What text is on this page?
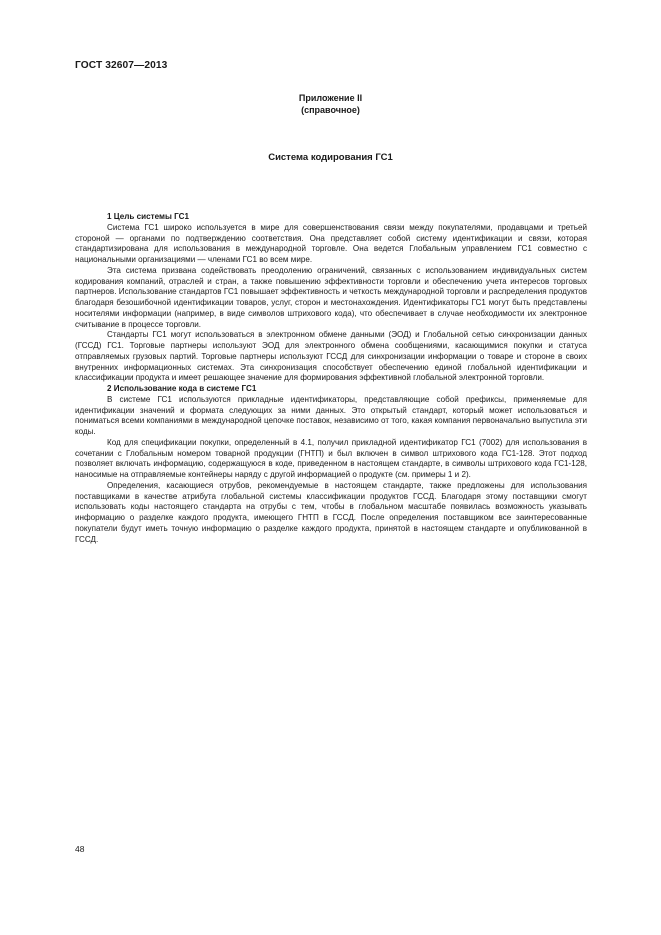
ГОСТ 32607—2013
Приложение II
(справочное)
Система кодирования ГС1
1 Цель системы ГС1

Система ГС1 широко используется в мире для совершенствования связи между покупателями, продавцами и третьей стороной — органами по подтверждению соответствия. Она представляет собой систему идентификации и связи, которая стандартизирована для использования в международной торговле. Она ведется Глобальным управлением ГС1 совместно с национальными организациями — членами ГС1 во всем мире.

Эта система призвана содействовать преодолению ограничений, связанных с использованием индивидуальных систем кодирования компаний, отраслей и стран, а также повышению эффективности торговли и обеспечению учета интересов торговых партнеров. Использование стандартов ГС1 повышает эффективность и четкость международной торговли и распределения продуктов благодаря безошибочной идентификации товаров, услуг, сторон и местонахождения. Идентификаторы ГС1 могут быть представлены носителями информации (например, в виде символов штрихового кода), что обеспечивает в случае необходимости их электронное считывание в процессе торговли.

Стандарты ГС1 могут использоваться в электронном обмене данными (ЭОД) и Глобальной сетью синхронизации данных (ГССД) ГС1. Торговые партнеры используют ЭОД для электронного обмена сообщениями, касающимися покупки и статуса отправляемых грузовых партий. Торговые партнеры используют ГССД для синхронизации информации о товаре и стороне в своих внутренних информационных системах. Эта синхронизация способствует обеспечению единой глобальной идентификации и классификации продукта и имеет решающее значение для формирования эффективной глобальной электронной торговли.

2 Использование кода в системе ГС1

В системе ГС1 используются прикладные идентификаторы, представляющие собой префиксы, применяемые для идентификации значений и формата следующих за ними данных. Это открытый стандарт, который может использоваться и пониматься всеми компаниями в международной цепочке поставок, независимо от того, какая компания первоначально выпустила эти коды.

Код для спецификации покупки, определенный в 4.1, получил прикладной идентификатор ГС1 (7002) для использования в сочетании с Глобальным номером товарной продукции (ГНТП) и был включен в символ штрихового кода ГС1-128. Этот подход позволяет включать информацию, содержащуюся в коде, приведенном в настоящем стандарте, в символы штрихового кода ГС1-128, наносимые на отправляемые контейнеры наряду с другой информацией о продукте (см. примеры 1 и 2).

Определения, касающиеся отрубов, рекомендуемые в настоящем стандарте, также предложены для использования поставщиками в качестве атрибута глобальной системы классификации продуктов ГССД. Благодаря этому поставщики смогут использовать коды настоящего стандарта на отрубы с тем, чтобы в глобальном масштабе появилась возможность указывать информацию о разделке каждого продукта, имеющего ГНТП в ГССД. После определения поставщиком все заинтересованные покупатели будут иметь точную информацию о разделке каждого продукта, принятой в настоящем стандарте и опубликованной в ГССД.

48
